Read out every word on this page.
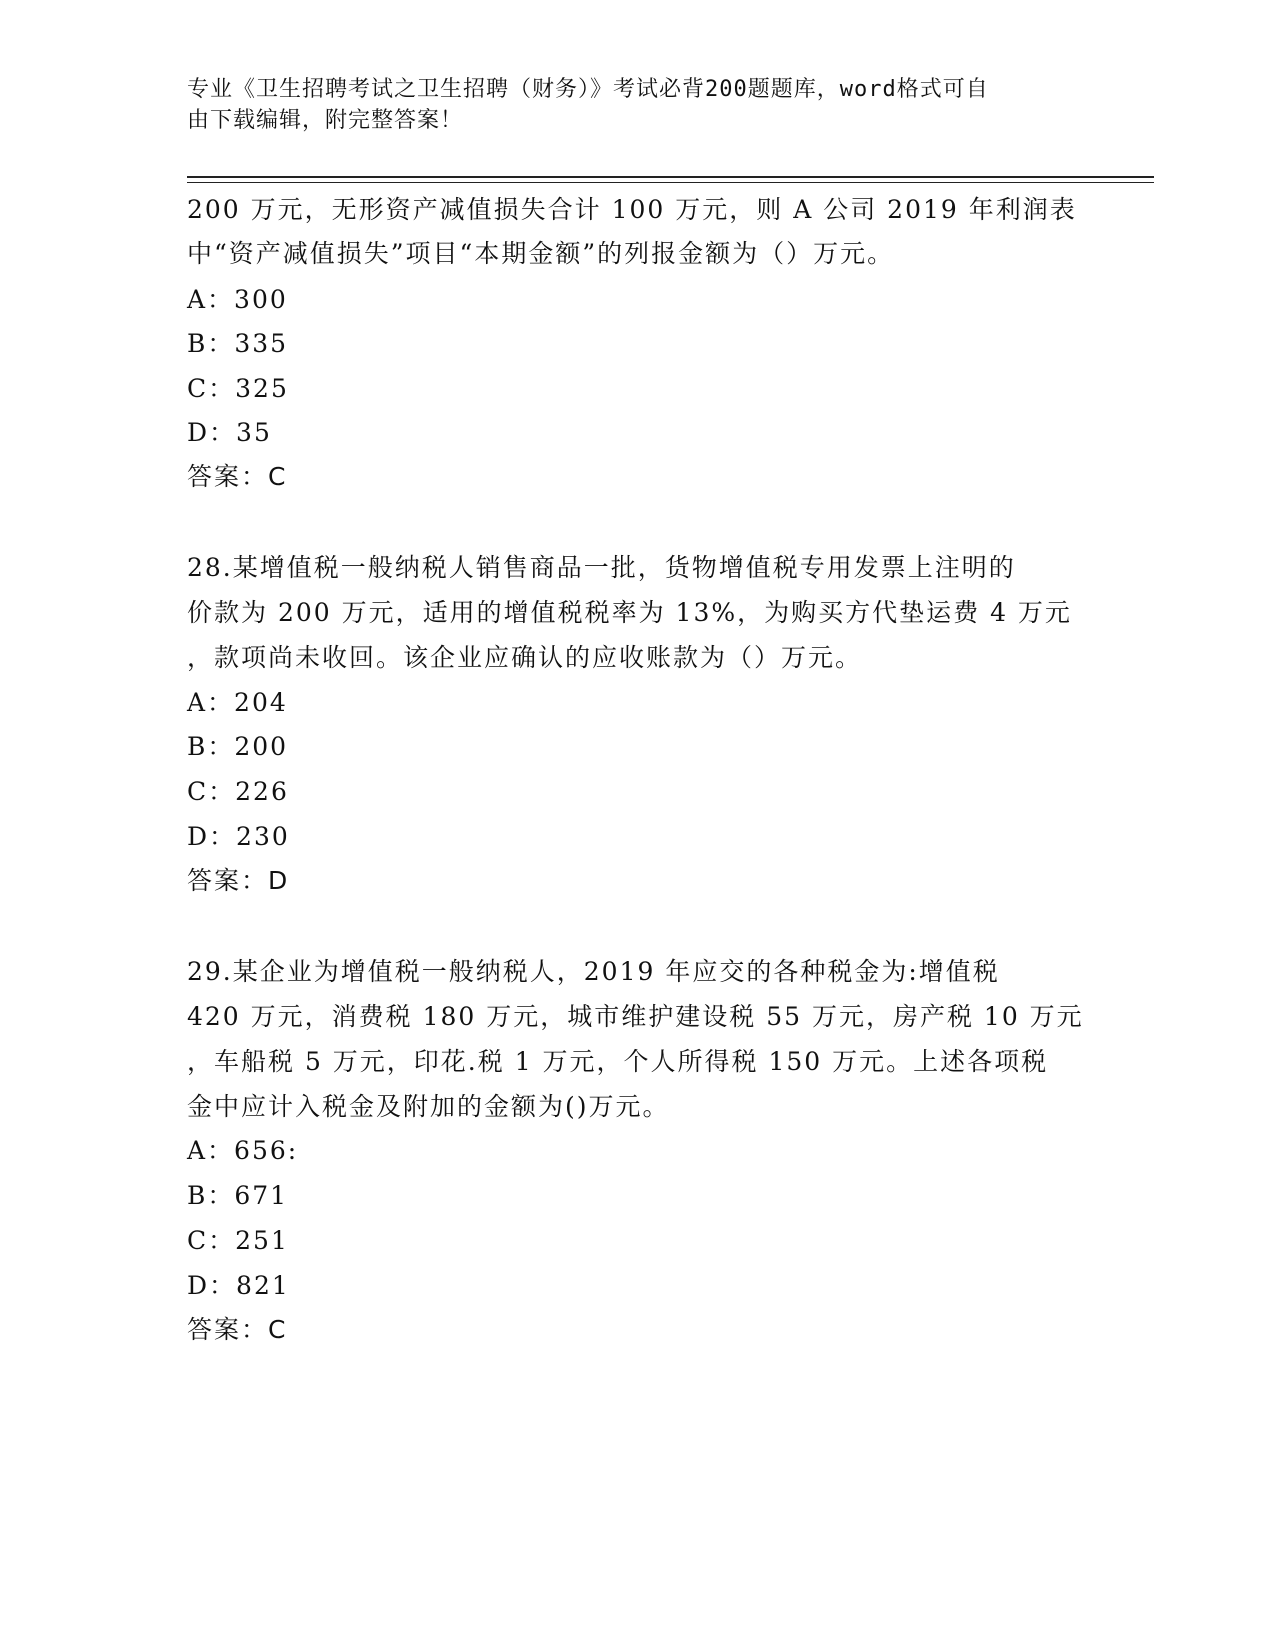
专业《卫生招聘考试之卫生招聘（财务）》考试必背200题题库，word格式可自
由下载编辑，附完整答案！
200 万元，无形资产减值损失合计 100 万元，则 A 公司 2019 年利润表
中“资产减值损失”项目“本期金额”的列报金额为（）万元。
A：300
B：335
C：325
D：35
答案：C
28.某增值税一般纳税人销售商品一批，货物增值税专用发票上注明的
价款为 200 万元，适用的增值税税率为 13%，为购买方代垫运费 4 万元
，款项尚未收回。该企业应确认的应收账款为（）万元。
A：204
B：200
C：226
D：230
答案：D
29.某企业为增值税一般纳税人，2019 年应交的各种税金为:增值税
420 万元，消费税 180 万元，城市维护建设税 55 万元，房产税 10 万元
，车船税 5 万元，印花.税 1 万元，个人所得税 150 万元。上述各项税
金中应计入税金及附加的金额为()万元。
A：656:
B：671
C：251
D：821
答案：C
